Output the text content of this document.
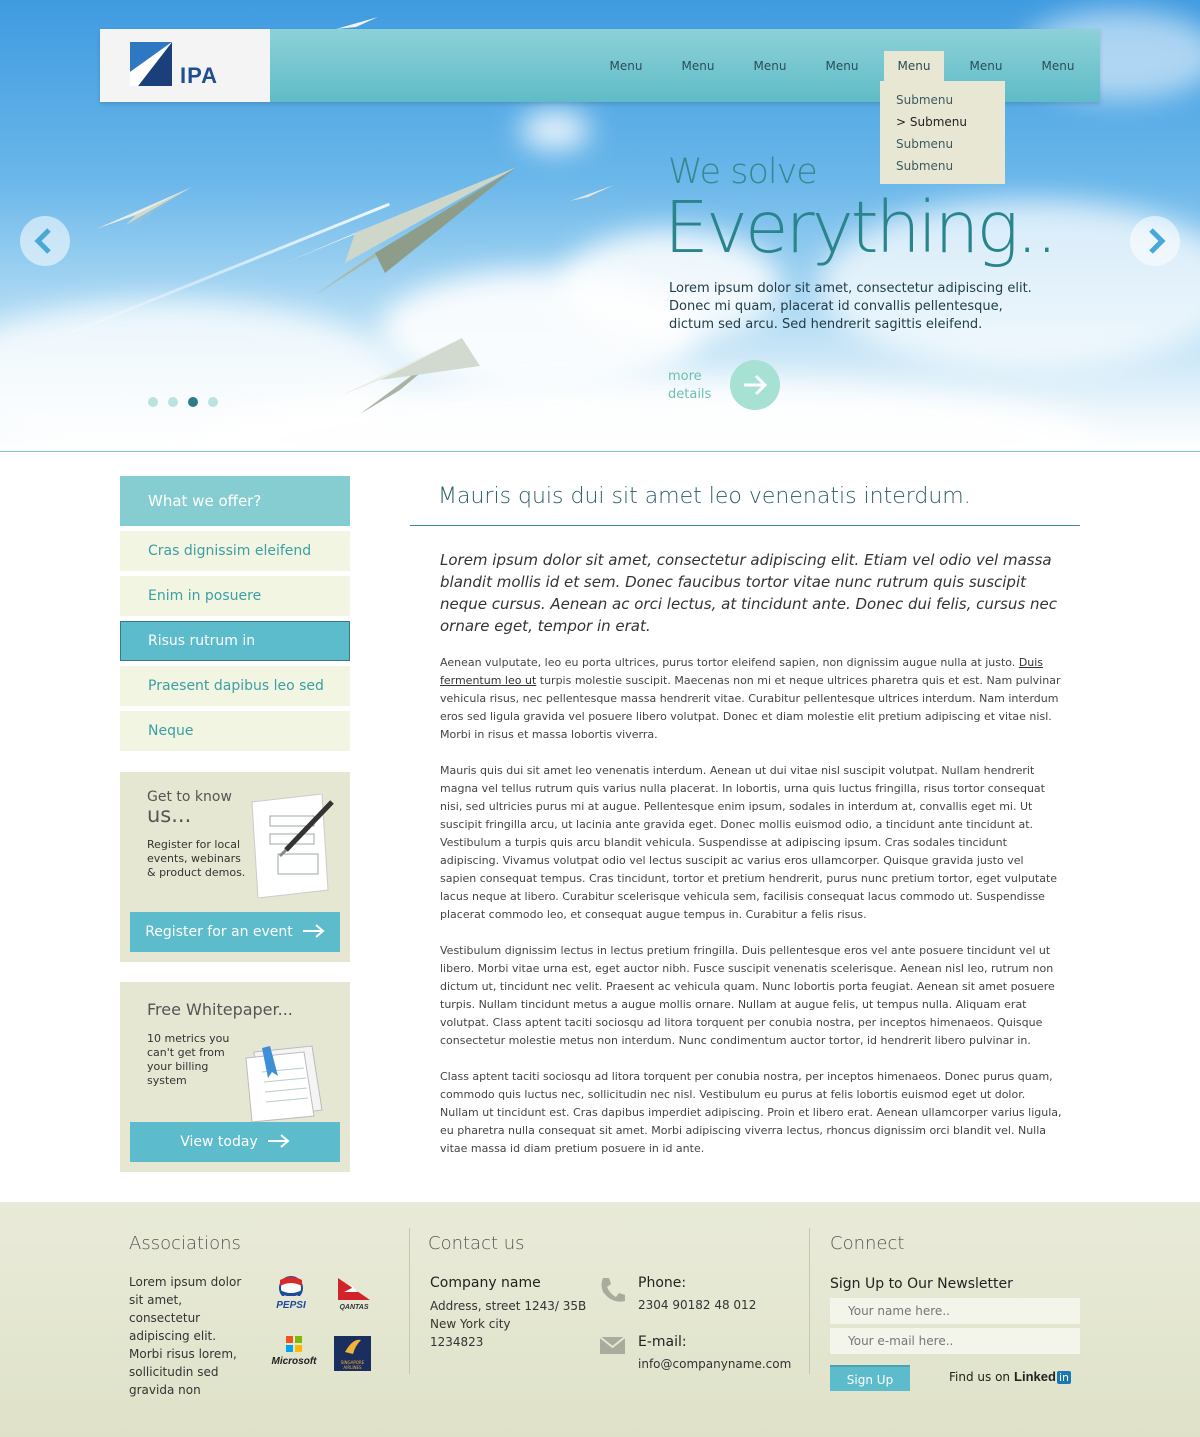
We solve
Everything..
Lorem ipsum dolor sit amet, consectetur adipiscing elit. Donec mi quam, placerat id convallis pellentesque, dictum sed arcu. Sed hendrerit sagittis eleifend.
more
details
IPA	Menu	Menu	Menu	Menu	Menu	Menu	Menu
Submenu
> Submenu
Submenu
Submenu
What we offer?
Cras dignissim eleifend
Enim in posuere
Risus rutrum in
Praesent dapibus leo sed
Neque
Get to know
us...
Register for local events, webinars & product demos.
Register for an event
Free Whitepaper...
10 metrics you can't get from your billing system
View today
Mauris quis dui sit amet leo venenatis interdum.
Lorem ipsum dolor sit amet, consectetur adipiscing elit. Etiam vel odio vel massa blandit mollis id et sem. Donec faucibus tortor vitae nunc rutrum quis suscipit neque cursus. Aenean ac orci lectus, at tincidunt ante. Donec dui felis, cursus nec ornare eget, tempor in erat.
Aenean vulputate, leo eu porta ultrices, purus tortor eleifend sapien, non dignissim augue nulla at justo. Duis fermentum leo ut turpis molestie suscipit. Maecenas non mi et neque ultrices pharetra quis et est. Nam pulvinar vehicula risus, nec pellentesque massa hendrerit vitae. Curabitur pellentesque ultrices interdum. Nam interdum eros sed ligula gravida vel posuere libero volutpat. Donec et diam molestie elit pretium adipiscing et vitae nisl. Morbi in risus et massa lobortis viverra.
Mauris quis dui sit amet leo venenatis interdum. Aenean ut dui vitae nisl suscipit volutpat. Nullam hendrerit magna vel tellus rutrum quis varius nulla placerat. In lobortis, urna quis luctus fringilla, risus tortor consequat nisi, sed ultricies purus mi at augue. Pellentesque enim ipsum, sodales in interdum at, convallis eget mi. Ut suscipit fringilla arcu, ut lacinia ante gravida eget. Donec mollis euismod odio, a tincidunt ante tincidunt at. Vestibulum a turpis quis arcu blandit vehicula. Suspendisse at adipiscing ipsum. Cras sodales tincidunt adipiscing. Vivamus volutpat odio vel lectus suscipit ac varius eros ullamcorper. Quisque gravida justo vel sapien consequat tempus. Cras tincidunt, tortor et pretium hendrerit, purus nunc pretium tortor, eget vulputate lacus neque at libero. Curabitur scelerisque vehicula sem, facilisis consequat lacus commodo ut. Suspendisse placerat commodo leo, et consequat augue tempus in. Curabitur a felis risus.
Vestibulum dignissim lectus in lectus pretium fringilla. Duis pellentesque eros vel ante posuere tincidunt vel ut libero. Morbi vitae urna est, eget auctor nibh. Fusce suscipit venenatis scelerisque. Aenean nisl leo, rutrum non dictum ut, tincidunt nec velit. Praesent ac vehicula quam. Nunc lobortis porta feugiat. Aenean sit amet posuere turpis. Nullam tincidunt metus a augue mollis ornare. Nullam at augue felis, ut tempus nulla. Aliquam erat volutpat. Class aptent taciti sociosqu ad litora torquent per conubia nostra, per inceptos himenaeos. Quisque consectetur molestie metus non interdum. Nunc condimentum auctor tortor, id hendrerit libero pulvinar in.
Class aptent taciti sociosqu ad litora torquent per conubia nostra, per inceptos himenaeos. Donec purus quam, commodo quis luctus nec, sollicitudin nec nisl. Vestibulum eu purus at felis lobortis euismod eget ut dolor. Nullam ut tincidunt est. Cras dapibus imperdiet adipiscing. Proin et libero erat. Aenean ullamcorper varius ligula, eu pharetra nulla consequat sit amet. Morbi adipiscing viverra lectus, rhoncus dignissim orci blandit vel. Nulla vitae massa id diam pretium posuere in id ante.
Associations
Lorem ipsum dolor sit amet, consectetur adipiscing elit. Morbi risus lorem, sollicitudin sed gravida non
PEPSI	QANTAS
Microsoft	SINGAPORE AIRLINES
Contact us
Company name
Address, street 1243/ 35B
New York city
1234823
Phone:
2304 90182 48 012
E-mail:
info@companyname.com
Connect
Sign Up to Our Newsletter
Your name here..
Your e-mail here..
Sign Up	Find us on Linked in
